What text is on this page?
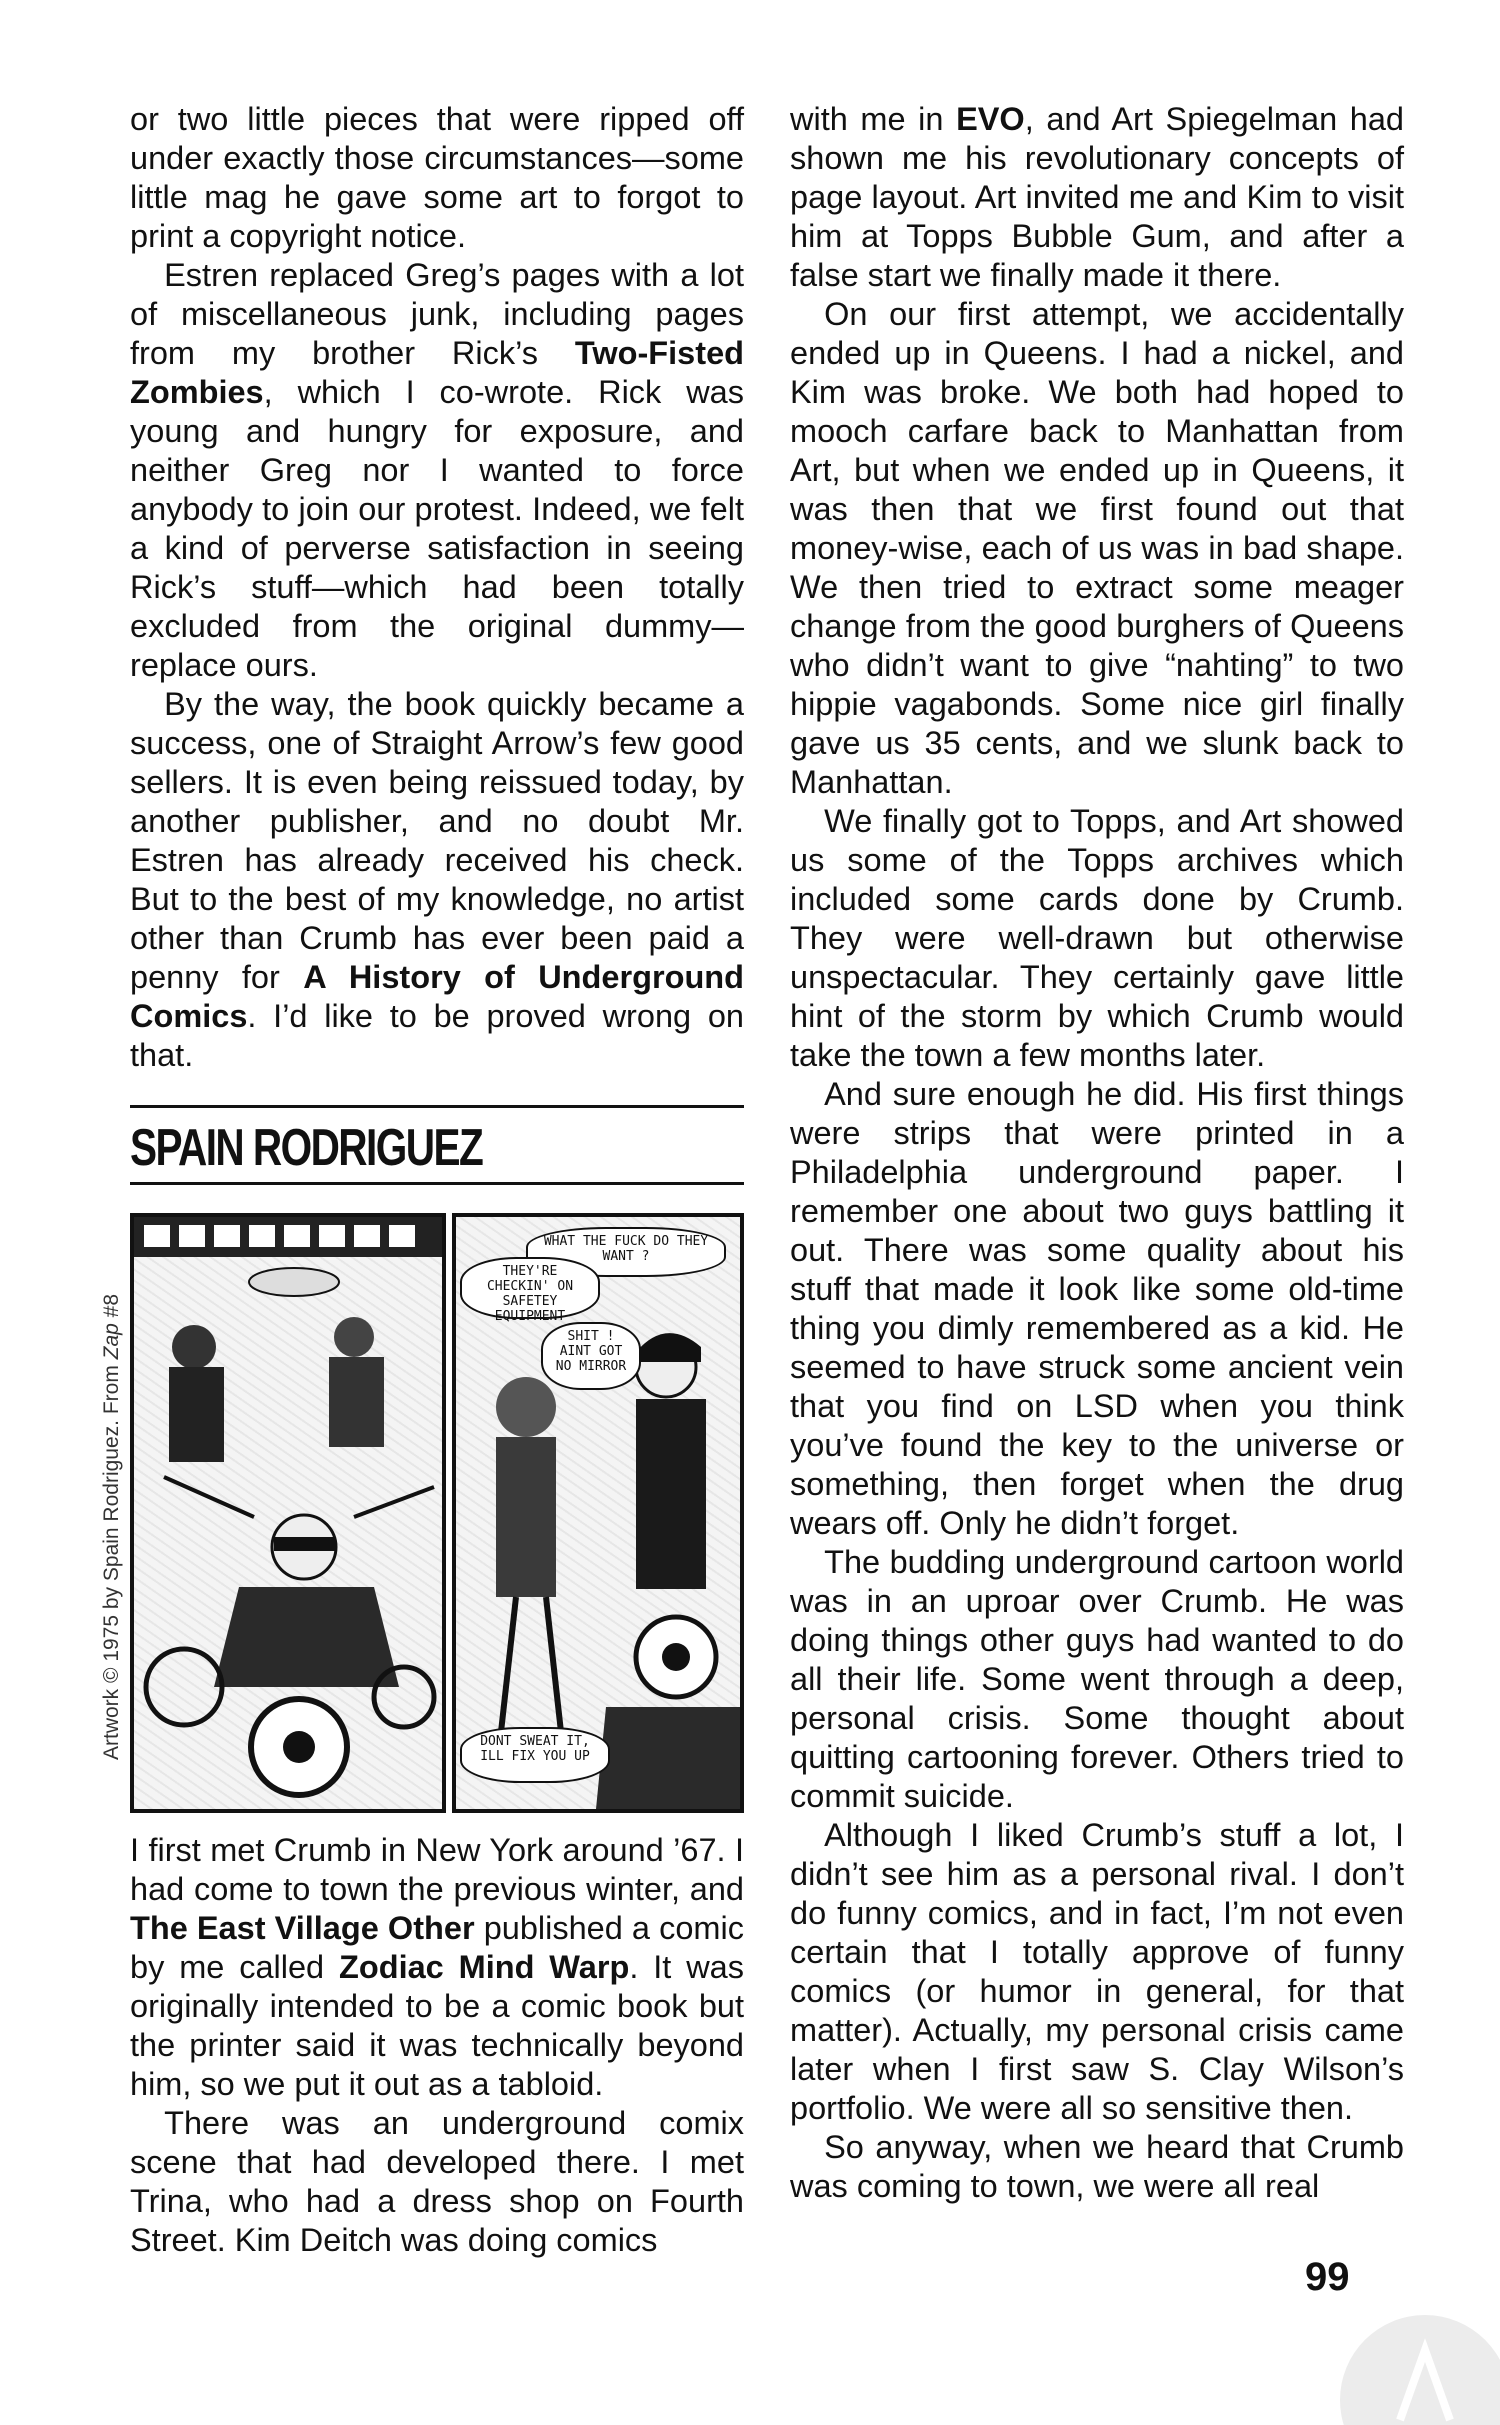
or two little pieces that were ripped off under exactly those circumstances—some little mag he gave some art to forgot to print a copyright notice.

Estren replaced Greg’s pages with a lot of miscellaneous junk, including pages from my brother Rick’s Two-Fisted Zombies, which I co-wrote. Rick was young and hungry for exposure, and neither Greg nor I wanted to force anybody to join our protest. Indeed, we felt a kind of perverse satisfaction in seeing Rick’s stuff—which had been totally excluded from the original dummy—replace ours.

By the way, the book quickly became a success, one of Straight Arrow’s few good sellers. It is even being reissued today, by another publisher, and no doubt Mr. Estren has already received his check. But to the best of my knowledge, no artist other than Crumb has ever been paid a penny for A History of Underground Comics. I’d like to be proved wrong on that.

SPAIN RODRIGUEZ
WHAT THE FUCK DO THEY WANT ?
THEY'RE CHECKIN' ON SAFETEY EQUIPMENT
SHIT ! AINT GOT NO MIRROR
DONT SWEAT IT, ILL FIX YOU UP

I first met Crumb in New York around ’67. I had come to town the previous winter, and The East Village Other published a comic by me called Zodiac Mind Warp. It was originally intended to be a comic book but the printer said it was technically beyond him, so we put it out as a tabloid.

There was an underground comix scene that had developed there. I met Trina, who had a dress shop on Fourth Street. Kim Deitch was doing comics

Artwork © 1975 by Spain Rodriguez. From Zap #8

with me in EVO, and Art Spiegelman had shown me his revolutionary concepts of page layout. Art invited me and Kim to visit him at Topps Bubble Gum, and after a false start we finally made it there.

On our first attempt, we accidentally ended up in Queens. I had a nickel, and Kim was broke. We both had hoped to mooch carfare back to Manhattan from Art, but when we ended up in Queens, it was then that we first found out that money-wise, each of us was in bad shape. We then tried to extract some meager change from the good burghers of Queens who didn’t want to give “nahting” to two hippie vagabonds. Some nice girl finally gave us 35 cents, and we slunk back to Manhattan.

We finally got to Topps, and Art showed us some of the Topps archives which included some cards done by Crumb. They were well-drawn but otherwise unspectacular. They certainly gave little hint of the storm by which Crumb would take the town a few months later.

And sure enough he did. His first things were strips that were printed in a Philadelphia underground paper. I remember one about two guys battling it out. There was some quality about his stuff that made it look like some old-time thing you dimly remembered as a kid. He seemed to have struck some ancient vein that you find on LSD when you think you’ve found the key to the universe or something, then forget when the drug wears off. Only he didn’t forget.

The budding underground cartoon world was in an uproar over Crumb. He was doing things other guys had wanted to do all their life. Some went through a deep, personal crisis. Some thought about quitting cartooning forever. Others tried to commit suicide.

Although I liked Crumb’s stuff a lot, I didn’t see him as a personal rival. I don’t do funny comics, and in fact, I’m not even certain that I totally approve of funny comics (or humor in general, for that matter). Actually, my personal crisis came later when I first saw S. Clay Wilson’s portfolio. We were all so sensitive then.

So anyway, when we heard that Crumb was coming to town, we were all real

99
